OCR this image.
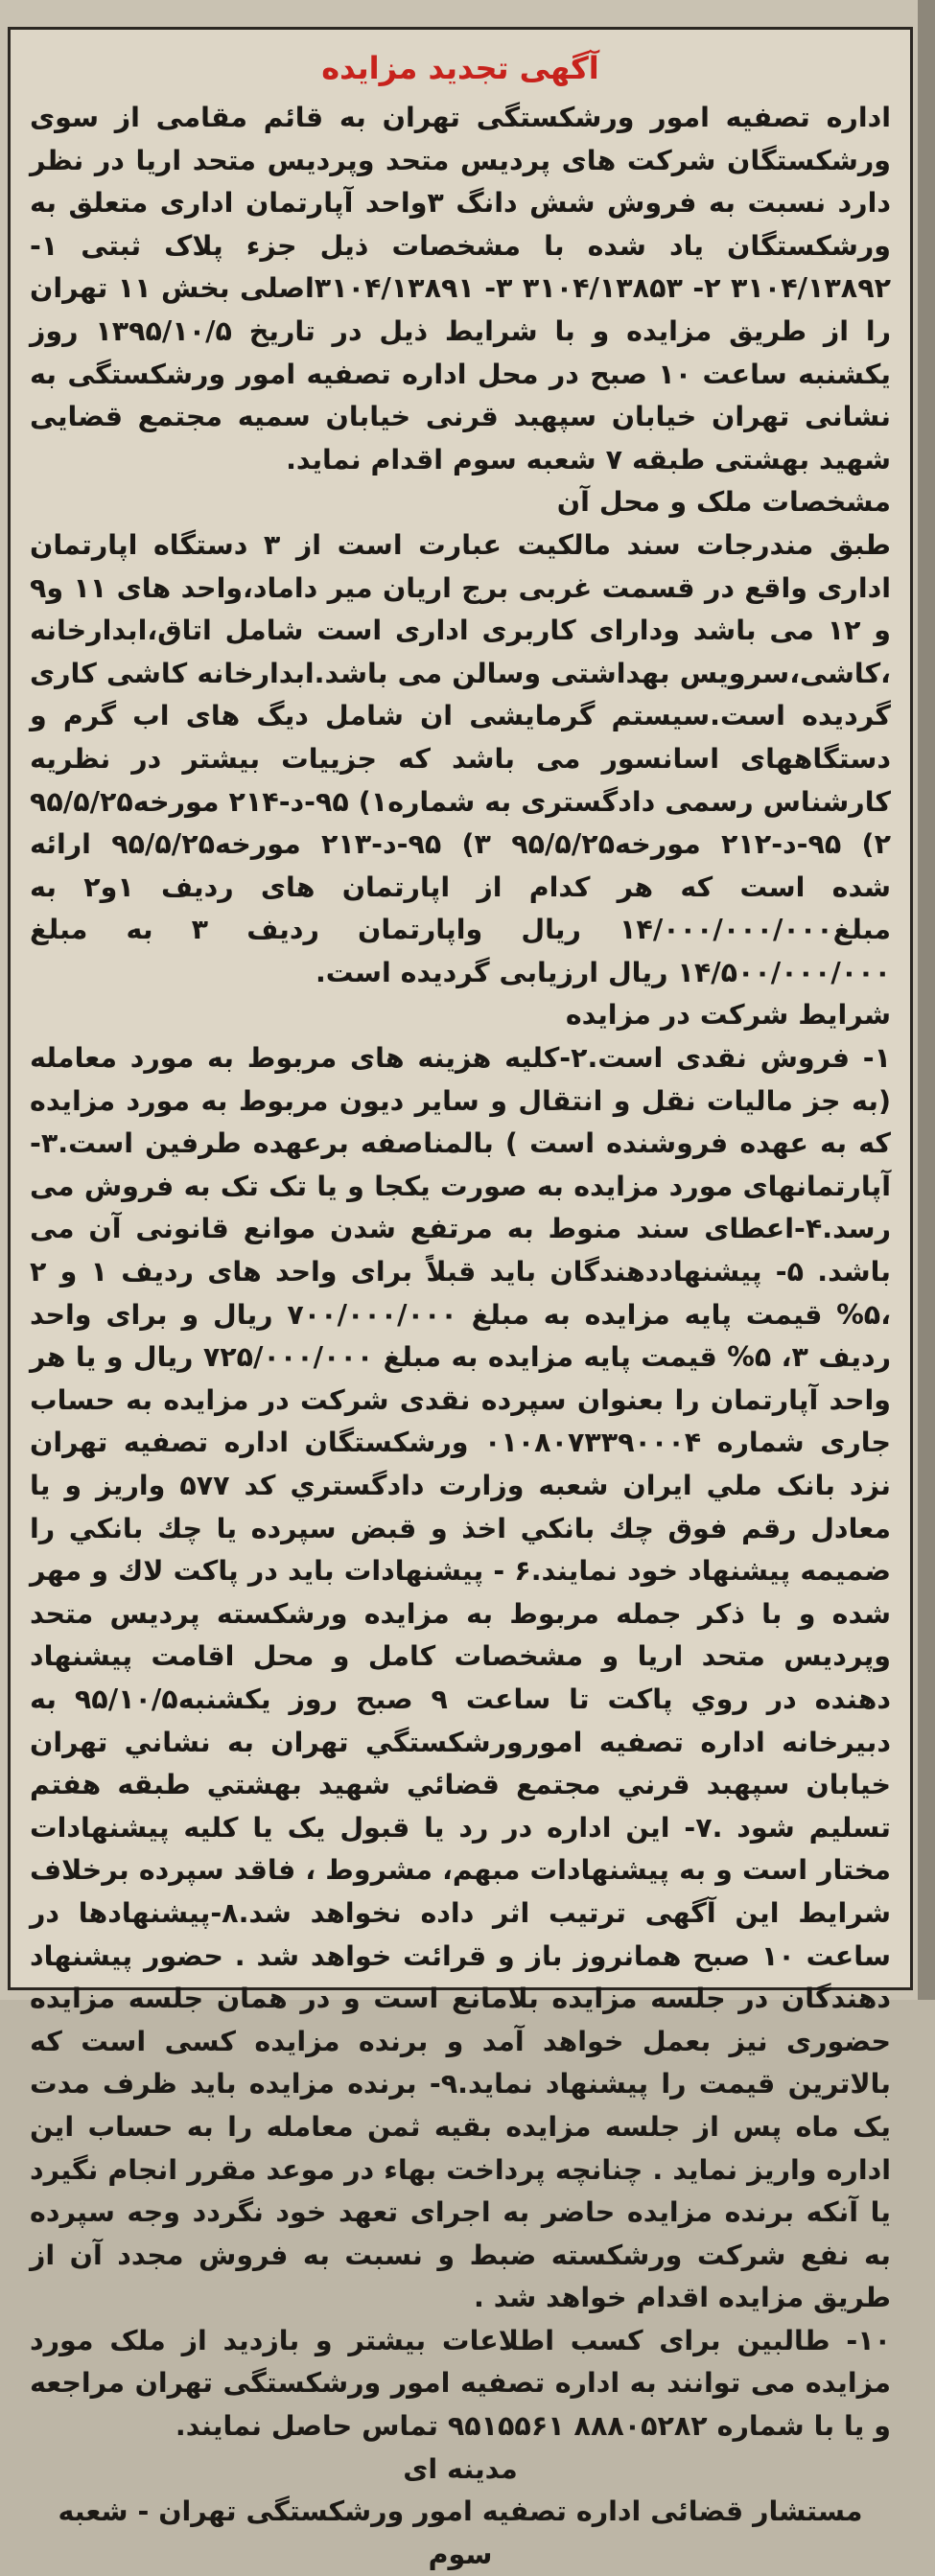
آگهی تجدید مزایده

اداره تصفیه امور ورشکستگی تهران به قائم مقامی از سوی ورشکستگان شرکت های پردیس متحد وپردیس متحد اریا در نظر دارد نسبت به فروش شش دانگ ۳واحد آپارتمان اداری متعلق به ورشکستگان یاد شده با مشخصات ذیل جزء پلاک ثبتی ۱- ۳۱۰۴/۱۳۸۹۲ ۲- ۳۱۰۴/۱۳۸۵۳ ۳- ۳۱۰۴/۱۳۸۹۱اصلی بخش ۱۱ تهران را از طریق مزایده و با شرایط ذیل در تاریخ ۱۳۹۵/۱۰/۵ روز یکشنبه ساعت ۱۰ صبح در محل اداره تصفیه امور ورشکستگی به نشانی تهران خیابان سپهبد قرنی خیابان سمیه مجتمع قضایی شهید بهشتی طبقه ۷ شعبه سوم اقدام نماید.

مشخصات ملک و محل آن

طبق مندرجات سند مالکیت عبارت است از ۳ دستگاه اپارتمان اداری واقع در قسمت غربی برج اریان میر داماد،واحد های ۱۱ و۹ و ۱۲ می باشد ودارای کاربری اداری است شامل اتاق،ابدارخانه ،کاشی،سرویس بهداشتی وسالن می باشد.ابدارخانه کاشی کاری گردیده است.سیستم گرمایشی ان شامل دیگ های اب گرم و دستگاههای اسانسور می باشد که جزییات بیشتر در نظریه کارشناس رسمی دادگستری به شماره۱) ۹۵-د-۲۱۴ مورخه۹۵/۵/۲۵ ۲) ۹۵-د-۲۱۲ مورخه۹۵/۵/۲۵ ۳) ۹۵-د-۲۱۳ مورخه۹۵/۵/۲۵ ارائه شده است که هر کدام از اپارتمان های ردیف ۱و۲ به مبلغ۱۴/۰۰۰/۰۰۰/۰۰۰ ریال واپارتمان ردیف ۳ به مبلغ ۱۴/۵۰۰/۰۰۰/۰۰۰ ریال ارزیابی گردیده است.

شرایط شرکت در مزایده

۱- فروش نقدی است.۲-کلیه هزینه های مربوط به مورد معامله (به جز مالیات نقل و انتقال و سایر دیون مربوط به مورد مزایده که به عهده فروشنده است ) بالمناصفه برعهده طرفین است.۳-آپارتمانهای مورد مزایده به صورت یکجا و یا تک تک به فروش می رسد.۴-اعطای سند منوط به مرتفع شدن موانع قانونی آن می باشد. ۵- پیشنهاددهندگان باید قبلاً برای واحد های ردیف ۱ و ۲ ،۵% قیمت پایه مزایده به مبلغ ۷۰۰/۰۰۰/۰۰۰ ریال و برای واحد ردیف ۳، ۵% قیمت پایه مزایده به مبلغ ۷۲۵/۰۰۰/۰۰۰ ریال و یا هر واحد آپارتمان را بعنوان سپرده نقدی شرکت در مزایده به حساب جاری شماره ۰۱۰۸۰۷۳۳۹۰۰۰۴ ورشکستگان اداره تصفیه تهران نزد بانک ملي ایران شعبه وزارت دادگستري کد ۵۷۷ واریز و یا معادل رقم فوق چك بانكي اخذ و قبض سپرده یا چك بانكي را ضمیمه پیشنهاد خود نمایند.۶ - پیشنهادات باید در پاکت لاك و مهر شده و با ذکر جمله مربوط به مزایده ورشکسته پردیس متحد وپردیس متحد اریا و مشخصات کامل و محل اقامت پیشنهاد دهنده در روي پاکت تا ساعت ۹ صبح روز یکشنبه۹۵/۱۰/۵ به دبیرخانه اداره تصفیه امورورشکستگي تهران به نشاني تهران خیابان سپهبد قرني مجتمع قضائي شهید بهشتي طبقه هفتم تسلیم شود .۷- این اداره در رد یا قبول یک یا کلیه پیشنهادات مختار است و به پیشنهادات مبهم، مشروط ، فاقد سپرده برخلاف شرایط این آگهی ترتیب اثر داده نخواهد شد.۸-پیشنهادها در ساعت ۱۰ صبح همانروز باز و قرائت خواهد شد . حضور پیشنهاد دهندگان در جلسه مزایده بلامانع است و در همان جلسه مزایده حضوری نیز بعمل خواهد آمد و برنده مزایده کسی است که بالاترین قیمت را پیشنهاد نماید.۹- برنده مزایده باید ظرف مدت یک ماه پس از جلسه مزایده بقیه ثمن معامله را به حساب این اداره واریز نماید . چنانچه پرداخت بهاء در موعد مقرر انجام نگیرد یا آنکه برنده مزایده حاضر به اجرای تعهد خود نگردد وجه سپرده به نفع شرکت ورشکسته ضبط و نسبت به فروش مجدد آن از طریق مزایده اقدام خواهد شد .

۱۰- طالبین برای کسب اطلاعات بیشتر و بازدید از ملک مورد مزایده می توانند به اداره تصفیه امور ورشکستگی تهران مراجعه و یا با شماره ۸۸۸۰۵۲۸۲ ۹۵۱۵۵۶۱ تماس حاصل نمایند.

مدینه ای

مستشار قضائی اداره تصفیه امور ورشکستگی تهران - شعبه سوم
